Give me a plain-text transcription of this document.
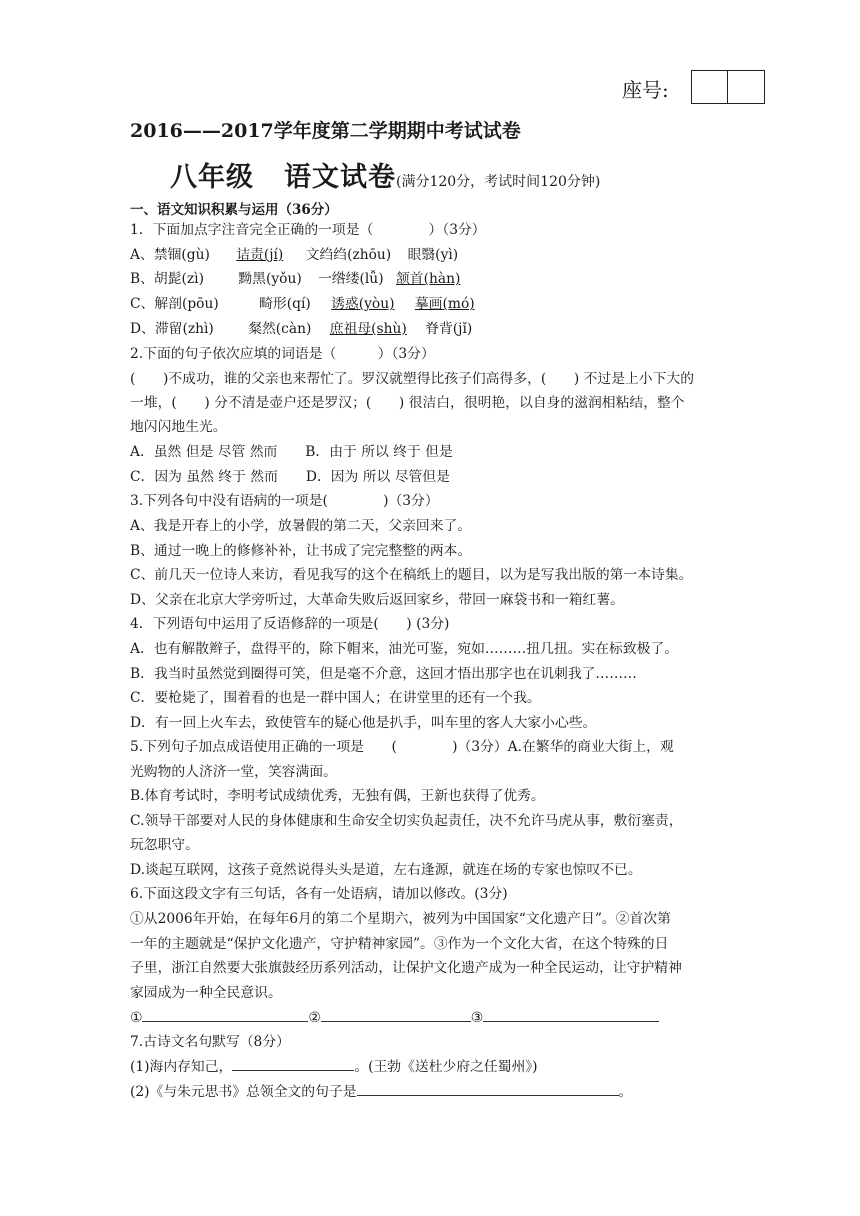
座号:
2016——2017学年度第二学期期中考试试卷
八年级 语文试卷(满分120分，考试时间120分钟)
一、语文知识积累与运用（36分）
1．下面加点字注音完全正确的一项是（　　　　）（3分）
A、禁锢(gù) 诘责(jí) 文绉绉(zhōu) 眼翳(yì)
B、胡髭(zì) 黝黑(yǒu) 一绺缕(lǚ) 颔首(hàn)
C、解剖(pōu)	畸形(qí) 诱惑(yòu) 摹画(mó)
D、滞留(zhì) 粲然(càn) 庶祖母(shù) 脊背(jǐ)
2.下面的句子依次应填的词语是（　　　）（3分）
(　　)不成功，谁的父亲也来帮忙了。罗汉就塑得比孩子们高得多，(　　) 不过是上小下大的
一堆，(　　) 分不清是壶户还是罗汉；(　　) 很洁白，很明艳，以自身的滋润相粘结，整个
地闪闪地生光。
A．虽然 但是 尽管 然而 B．由于 所以 终于 但是
C．因为 虽然 终于 然而 D．因为 所以 尽管但是
3.下列各句中没有语病的一项是(　　　　)（3分）
A、我是开春上的小学，放暑假的第二天，父亲回来了。
B、通过一晚上的修修补补，让书成了完完整整的两本。
C、前几天一位诗人来访，看见我写的这个在稿纸上的题目，以为是写我出版的第一本诗集。
D、父亲在北京大学旁听过，大革命失败后返回家乡，带回一麻袋书和一箱红薯。
4．下列语句中运用了反语修辞的一项是(　　) (3分)
A．也有解散辫子，盘得平的，除下帽来，油光可鉴，宛如………扭几扭。实在标致极了。
B．我当时虽然觉到圈得可笑，但是毫不介意，这回才悟出那字也在讥刺我了………
C．要枪毙了，围着看的也是一群中国人；在讲堂里的还有一个我。
D．有一回上火车去，致使管车的疑心他是扒手，叫车里的客人大家小心些。
5.下列句子加点成语使用正确的一项是　　(　　　　)（3分）A.在繁华的商业大街上，观
光购物的人济济一堂，笑容满面。
B.体育考试时，李明考试成绩优秀，无独有偶，王新也获得了优秀。
C.领导干部要对人民的身体健康和生命安全切实负起责任，决不允许马虎从事，敷衍塞责，
玩忽职守。
D.谈起互联网，这孩子竟然说得头头是道，左右逢源，就连在场的专家也惊叹不已。
6.下面这段文字有三句话，各有一处语病，请加以修改。(3分)
①从2006年开始，在每年6月的第二个星期六，被列为中国国家“文化遗产日”。②首次第
一年的主题就是“保护文化遗产，守护精神家园”。③作为一个文化大省，在这个特殊的日
子里，浙江自然要大张旗鼓经历系列活动，让保护文化遗产成为一种全民运动，让守护精神
家园成为一种全民意识。
①	②	③
7.古诗文名句默写（8分）
(1)海内存知己，	。(王勃《送杜少府之任蜀州》)
(2)《与朱元思书》总领全文的句子是	。
